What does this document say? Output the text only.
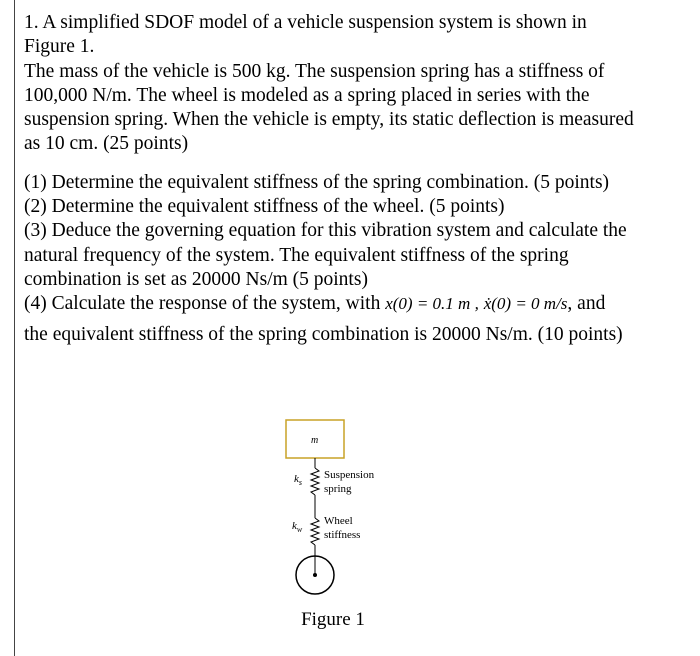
1. A simplified SDOF model of a vehicle suspension system is shown in
Figure 1.
The mass of the vehicle is 500 kg. The suspension spring has a stiffness of
100,000 N/m. The wheel is modeled as a spring placed in series with the
suspension spring. When the vehicle is empty, its static deflection is measured
as 10 cm. (25 points)
(1) Determine the equivalent stiffness of the spring combination. (5 points)
(2) Determine the equivalent stiffness of the wheel. (5 points)
(3) Deduce the governing equation for this vibration system and calculate the
natural frequency of the system. The equivalent stiffness of the spring
combination is set as 20000 Ns/m (5 points)
(4) Calculate the response of the system, with x(0) = 0.1 m , ẋ(0) = 0 m/s, and
the equivalent stiffness of the spring combination is 20000 Ns/m. (10 points)
m
$k_s$
Suspension
spring
$k_w$
Wheel
stiffness
Figure 1
